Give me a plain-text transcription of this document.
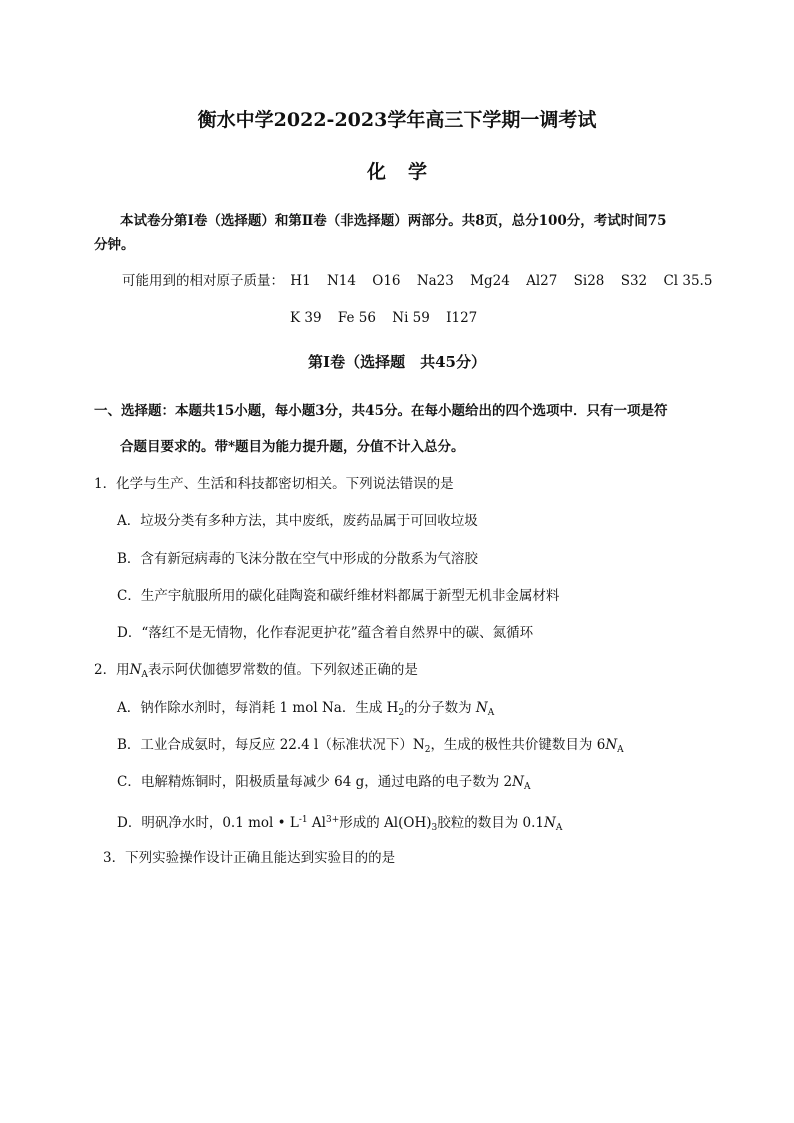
衡水中学2022-2023学年高三下学期一调考试
化学
本试卷分第Ⅰ卷（选择题）和第Ⅱ卷（非选择题）两部分。共8页，总分100分，考试时间75
分钟。
可能用到的相对原子质量： H1 N14 O16 Na23 Mg24 Al27 Si28 S32 Cl 35.5
K 39 Fe 56 Ni 59 I127
第Ⅰ卷（选择题　共45分）
一、选择题：本题共15小题，每小题3分，共45分。在每小题给出的四个选项中．只有一项是符
合题目要求的。带*题目为能力提升题，分值不计入总分。
1．化学与生产、生活和科技都密切相关。下列说法错误的是
A．垃圾分类有多种方法，其中废纸，废药品属于可回收垃圾
B．含有新冠病毒的飞沫分散在空气中形成的分散系为气溶胶
C．生产宇航服所用的碳化硅陶瓷和碳纤维材料都属于新型无机非金属材料
D．“落红不是无情物，化作春泥更护花”蕴含着自然界中的碳、氮循环
2．用$N_A$表示阿伏伽德罗常数的值。下列叙述正确的是
A．钠作除水剂时，每消耗 1 mol Na．生成 $H_2$的分子数为 $N_A$
B．工业合成氨时，每反应 22.4 l（标准状况下）$N_2$，生成的极性共价键数目为 $6N_A$
C．电解精炼铜时，阳极质量每减少 64 g，通过电路的电子数为 $2N_A$
D．明矾净水时，0.1 mol • $L^{-1}$ $Al^{3+}$形成的 $Al(OH)_3$胶粒的数目为 $0.1N_A$
3．下列实验操作设计正确且能达到实验目的的是
